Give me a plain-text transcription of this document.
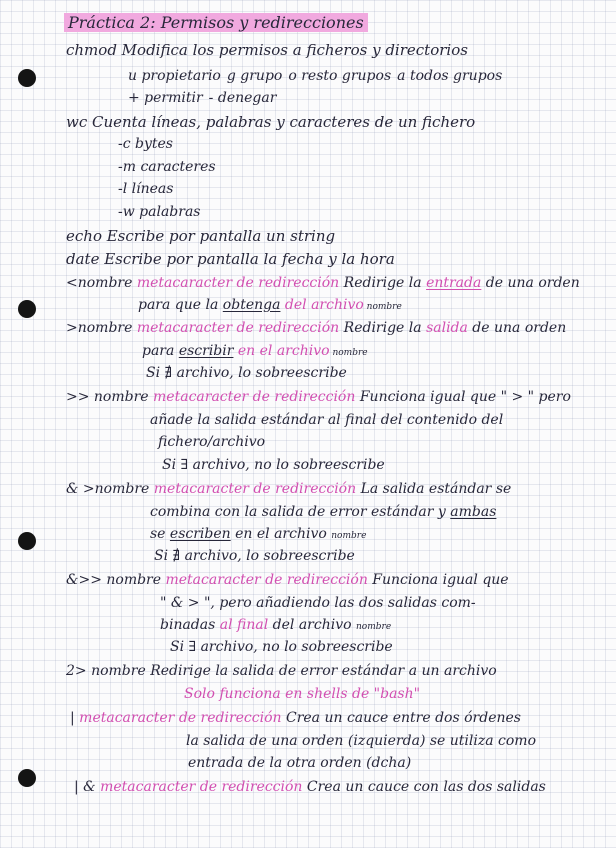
Práctica 2: Permisos y redirecciones
chmod Modifica los permisos a ficheros y directorios
u propietario g grupo o resto grupos a todos grupos
+ permitir - denegar
wc Cuenta líneas, palabras y caracteres de un fichero
-c bytes
-m caracteres
-l líneas
-w palabras
echo Escribe por pantalla un string
date Escribe por pantalla la fecha y la hora
<nombre metacaracter de redirección Redirige la entrada de una orden
para que la obtenga del archivo nombre
>nombre metacaracter de redirección Redirige la salida de una orden
para escribir en el archivo nombre
Si ∄ archivo, lo sobreescribe
>> nombre metacaracter de redirección Funciona igual que " > " pero
añade la salida estándar al final del contenido del
fichero/archivo
Si ∃ archivo, no lo sobreescribe
& >nombre metacaracter de redirección La salida estándar se
combina con la salida de error estándar y ambas
se escriben en el archivo nombre
Si ∄ archivo, lo sobreescribe
&>> nombre metacaracter de redirección Funciona igual que
" & > ", pero añadiendo las dos salidas com-
binadas al final del archivo nombre
Si ∃ archivo, no lo sobreescribe
2> nombre Redirige la salida de error estándar a un archivo
Solo funciona en shells de "bash"
| metacaracter de redirección Crea un cauce entre dos órdenes
la salida de una orden (izquierda) se utiliza como
entrada de la otra orden (dcha)
| & metacaracter de redirección Crea un cauce con las dos salidas
